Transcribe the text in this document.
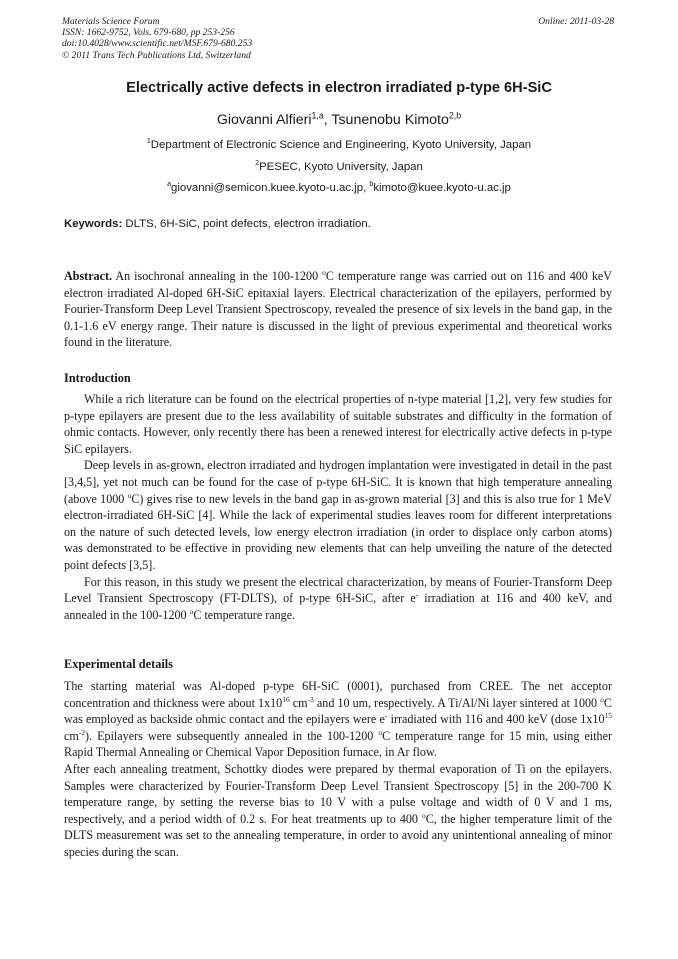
Materials Science Forum
ISSN: 1662-9752, Vols. 679-680, pp 253-256
doi:10.4028/www.scientific.net/MSF.679-680.253
© 2011 Trans Tech Publications Ltd, Switzerland
Online: 2011-03-28
Electrically active defects in electron irradiated p-type 6H-SiC
Giovanni Alfieri$^{1,a}$, Tsunenobu Kimoto$^{2,b}$
$^1$Department of Electronic Science and Engineering, Kyoto University, Japan
$^2$PESEC, Kyoto University, Japan
$^a$giovanni@semicon.kuee.kyoto-u.ac.jp, $^b$kimoto@kuee.kyoto-u.ac.jp
Keywords: DLTS, 6H-SiC, point defects, electron irradiation.

Abstract. An isochronal annealing in the 100-1200 $^o$C temperature range was carried out on 116 and 400 keV electron irradiated Al-doped 6H-SiC epitaxial layers. Electrical characterization of the epilayers, performed by Fourier-Transform Deep Level Transient Spectroscopy, revealed the presence of six levels in the band gap, in the 0.1-1.6 eV energy range. Their nature is discussed in the light of previous experimental and theoretical works found in the literature.

Introduction

While a rich literature can be found on the electrical properties of n-type material [1,2], very few studies for p-type epilayers are present due to the less availability of suitable substrates and difficulty in the formation of ohmic contacts. However, only recently there has been a renewed interest for electrically active defects in p-type SiC epilayers.

Deep levels in as-grown, electron irradiated and hydrogen implantation were investigated in detail in the past [3,4,5], yet not much can be found for the case of p-type 6H-SiC. It is known that high temperature annealing (above 1000 $^o$C) gives rise to new levels in the band gap in as-grown material [3] and this is also true for 1 MeV electron-irradiated 6H-SiC [4]. While the lack of experimental studies leaves room for different interpretations on the nature of such detected levels, low energy electron irradiation (in order to displace only carbon atoms) was demonstrated to be effective in providing new elements that can help unveiling the nature of the detected point defects [3,5].

For this reason, in this study we present the electrical characterization, by means of Fourier-Transform Deep Level Transient Spectroscopy (FT-DLTS), of p-type 6H-SiC, after e- irradiation at 116 and 400 keV, and annealed in the 100-1200 $^o$C temperature range.

Experimental details

The starting material was Al-doped p-type 6H-SiC (0001), purchased from CREE. The net acceptor concentration and thickness were about $1x10^{16}$ $cm^{-3}$ and 10 um, respectively. A Ti/Al/Ni layer sintered at 1000 $^o$C was employed as backside ohmic contact and the epilayers were e- irradiated with 116 and 400 keV (dose $1x10^{15}$ $cm^{-2}$). Epilayers were subsequently annealed in the 100-1200 $^o$C temperature range for 15 min, using either Rapid Thermal Annealing or Chemical Vapor Deposition furnace, in Ar flow.

After each annealing treatment, Schottky diodes were prepared by thermal evaporation of Ti on the epilayers. Samples were characterized by Fourier-Transform Deep Level Transient Spectroscopy [5] in the 200-700 K temperature range, by setting the reverse bias to 10 V with a pulse voltage and width of 0 V and 1 ms, respectively, and a period width of 0.2 s. For heat treatments up to 400 $^o$C, the higher temperature limit of the DLTS measurement was set to the annealing temperature, in order to avoid any unintentional annealing of minor species during the scan.
